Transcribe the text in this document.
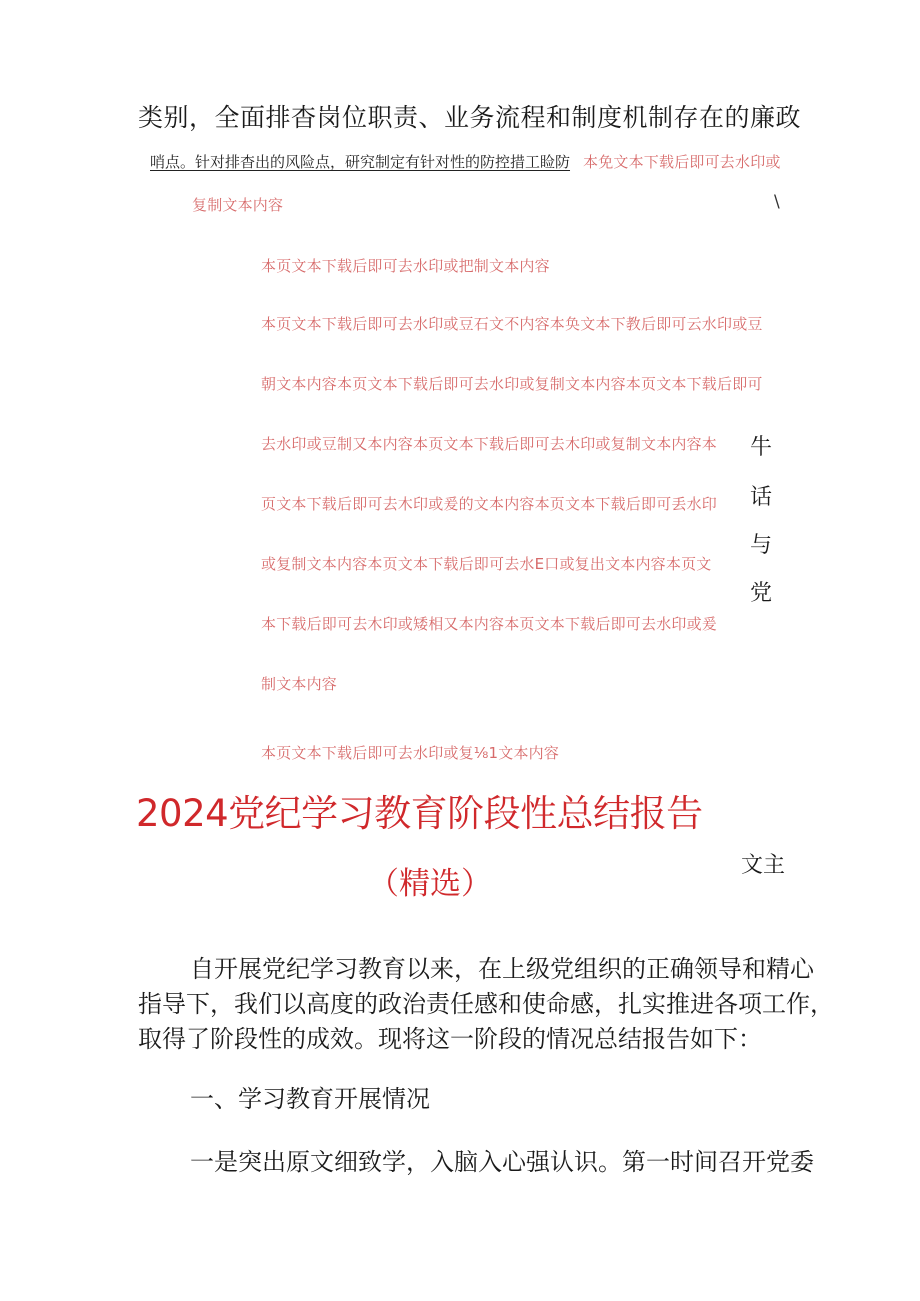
类别，全面排杳岗位职责、业务流程和制度机制存在的廉政
哨点。针对排杳出的风险点，研究制定有针对性的防控措工睑防 本免文本下载后即可去水印或
复制文本内容	\
本页文本下载后即可去水印或把制文本内容
本页文本下载后即可去水印或豆石文不内容本奂文本下教后即可云水印或豆
朝文本内容本页文本下载后即可去水印或复制文本内容本页文本下载后即可
去水印或豆制又本内容本页文本下载后即可去木印或复制文本内容本
页文本下载后即可去木印或爰的文本内容本页文本下载后即可丢水印
或复制文本内容本页文本下载后即可去水E口或复出文本内容本页文
本下载后即可去木印或矮相又本内容本页文本下载后即可去水印或爰
制文本内容
本页文本下载后即可去水印或复⅛1文本内容
牛
话
与
党
2024党纪学习教育阶段性总结报告
（精选）
文主
自开展党纪学习教育以来，在上级党组织的正确领导和精心
指导下，我们以高度的政治责任感和使命感，扎实推进各项工作，
取得了阶段性的成效。现将这一阶段的情况总结报告如下：
一、学习教育开展情况
一是突出原文细致学，入脑入心强认识。第一时间召开党委
